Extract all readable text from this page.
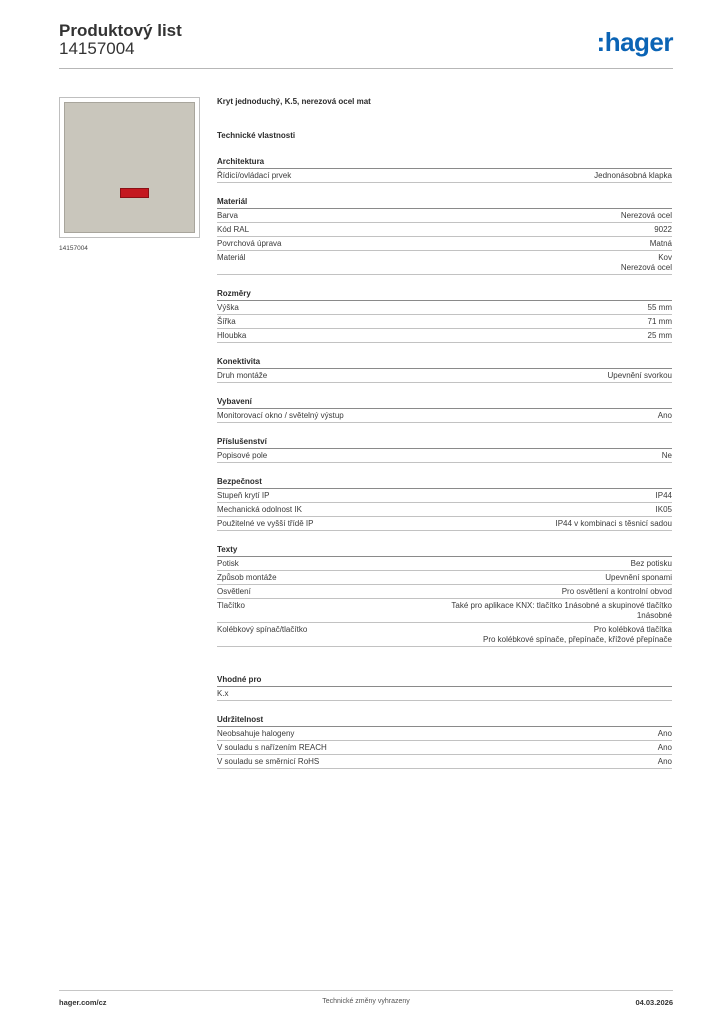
Produktový list
14157004	:hager
14157004
Kryt jednoduchý, K.5, nerezová ocel mat
Technické vlastnosti
Architektura
Řídicí/ovládací prvek	Jednonásobná klapka
Materiál
Barva	Nerezová ocel
Kód RAL	9022
Povrchová úprava	Matná
Materiál	Kov
Nerezová ocel
Rozměry
Výška	55 mm
Šířka	71 mm
Hloubka	25 mm
Konektivita
Druh montáže	Upevnění svorkou
Vybavení
Monitorovací okno / světelný výstup	Ano
Příslušenství
Popisové pole	Ne
Bezpečnost
Stupeň krytí IP	IP44
Mechanická odolnost IK	IK05
Použitelné ve vyšší třídě IP	IP44 v kombinaci s těsnicí sadou
Texty
Potisk	Bez potisku
Způsob montáže	Upevnění sponami
Osvětlení	Pro osvětlení a kontrolní obvod
Tlačítko	Také pro aplikace KNX: tlačítko 1násobné a skupinové tlačítko
1násobné
Kolébkový spínač/tlačítko	Pro kolébková tlačítka
Pro kolébkové spínače, přepínače, křížové přepínače
Vhodné pro
K.x

Udržitelnost
Neobsahuje halogeny	Ano
V souladu s nařízením REACH	Ano
V souladu se směrnicí RoHS	Ano
Technické změny vyhrazeny
hager.com/cz	04.03.2026
